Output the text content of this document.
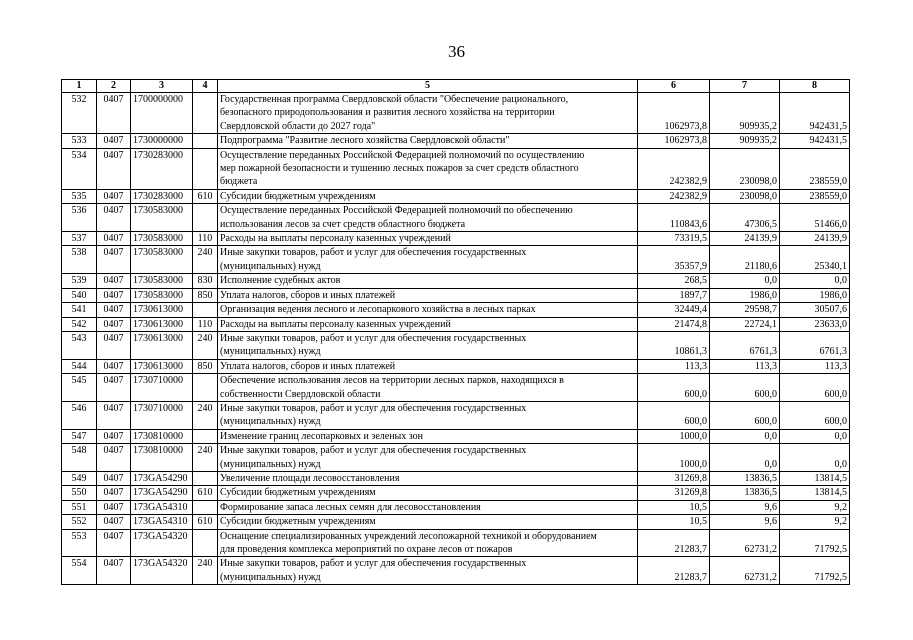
36
1	2	3	4	5	6	7	8
532	0407	1700000000		Государственная программа Свердловской области "Обеспечение рационального,
безопасного природопользования и развития лесного хозяйства на территории
Свердловской области до 2027 года"	1062973,8	909935,2	942431,5
533	0407	1730000000		Подпрограмма "Развитие лесного хозяйства Свердловской области"	1062973,8	909935,2	942431,5
534	0407	1730283000		Осуществление переданных Российской Федерацией полномочий по осуществлению
мер пожарной безопасности и тушению лесных пожаров за счет средств областного
бюджета	242382,9	230098,0	238559,0
535	0407	1730283000	610	Субсидии бюджетным учреждениям	242382,9	230098,0	238559,0
536	0407	1730583000		Осуществление переданных Российской Федерацией полномочий по обеспечению
использования лесов за счет средств областного бюджета	110843,6	47306,5	51466,0
537	0407	1730583000	110	Расходы на выплаты персоналу казенных учреждений	73319,5	24139,9	24139,9
538	0407	1730583000	240	Иные закупки товаров, работ и услуг для обеспечения государственных
(муниципальных) нужд	35357,9	21180,6	25340,1
539	0407	1730583000	830	Исполнение судебных актов	268,5	0,0	0,0
540	0407	1730583000	850	Уплата налогов, сборов и иных платежей	1897,7	1986,0	1986,0
541	0407	1730613000		Организация ведения лесного и лесопаркового хозяйства в лесных парках	32449,4	29598,7	30507,6
542	0407	1730613000	110	Расходы на выплаты персоналу казенных учреждений	21474,8	22724,1	23633,0
543	0407	1730613000	240	Иные закупки товаров, работ и услуг для обеспечения государственных
(муниципальных) нужд	10861,3	6761,3	6761,3
544	0407	1730613000	850	Уплата налогов, сборов и иных платежей	113,3	113,3	113,3
545	0407	1730710000		Обеспечение использования лесов на территории лесных парков, находящихся в
собственности Свердловской области	600,0	600,0	600,0
546	0407	1730710000	240	Иные закупки товаров, работ и услуг для обеспечения государственных
(муниципальных) нужд	600,0	600,0	600,0
547	0407	1730810000		Изменение границ лесопарковых и зеленых зон	1000,0	0,0	0,0
548	0407	1730810000	240	Иные закупки товаров, работ и услуг для обеспечения государственных
(муниципальных) нужд	1000,0	0,0	0,0
549	0407	173GA54290		Увеличение площади лесовосстановления	31269,8	13836,5	13814,5
550	0407	173GA54290	610	Субсидии бюджетным учреждениям	31269,8	13836,5	13814,5
551	0407	173GA54310		Формирование запаса лесных семян для лесовосстановления	10,5	9,6	9,2
552	0407	173GA54310	610	Субсидии бюджетным учреждениям	10,5	9,6	9,2
553	0407	173GA54320		Оснащение специализированных учреждений лесопожарной техникой и оборудованием
для проведения комплекса мероприятий по охране лесов от пожаров	21283,7	62731,2	71792,5
554	0407	173GA54320	240	Иные закупки товаров, работ и услуг для обеспечения государственных
(муниципальных) нужд	21283,7	62731,2	71792,5
